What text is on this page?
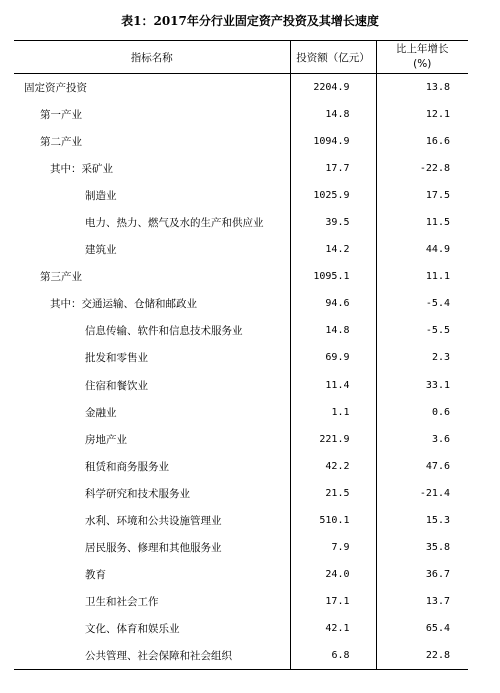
表1：2017年分行业固定资产投资及其增长速度
指标名称	投资额（亿元）	比上年增长
(%)

固定资产投资	2204.9	13.8
第一产业	14.8	12.1
第二产业	1094.9	16.6
其中：采矿业	17.7	-22.8
制造业	1025.9	17.5
电力、热力、燃气及水的生产和供应业	39.5	11.5
建筑业	14.2	44.9
第三产业	1095.1	11.1
其中：交通运输、仓储和邮政业	94.6	-5.4
信息传输、软件和信息技术服务业	14.8	-5.5
批发和零售业	69.9	2.3
住宿和餐饮业	11.4	33.1
金融业	1.1	0.6
房地产业	221.9	3.6
租赁和商务服务业	42.2	47.6
科学研究和技术服务业	21.5	-21.4
水利、环境和公共设施管理业	510.1	15.3
居民服务、修理和其他服务业	7.9	35.8
教育	24.0	36.7
卫生和社会工作	17.1	13.7
文化、体育和娱乐业	42.1	65.4
公共管理、社会保障和社会组织	6.8	22.8
